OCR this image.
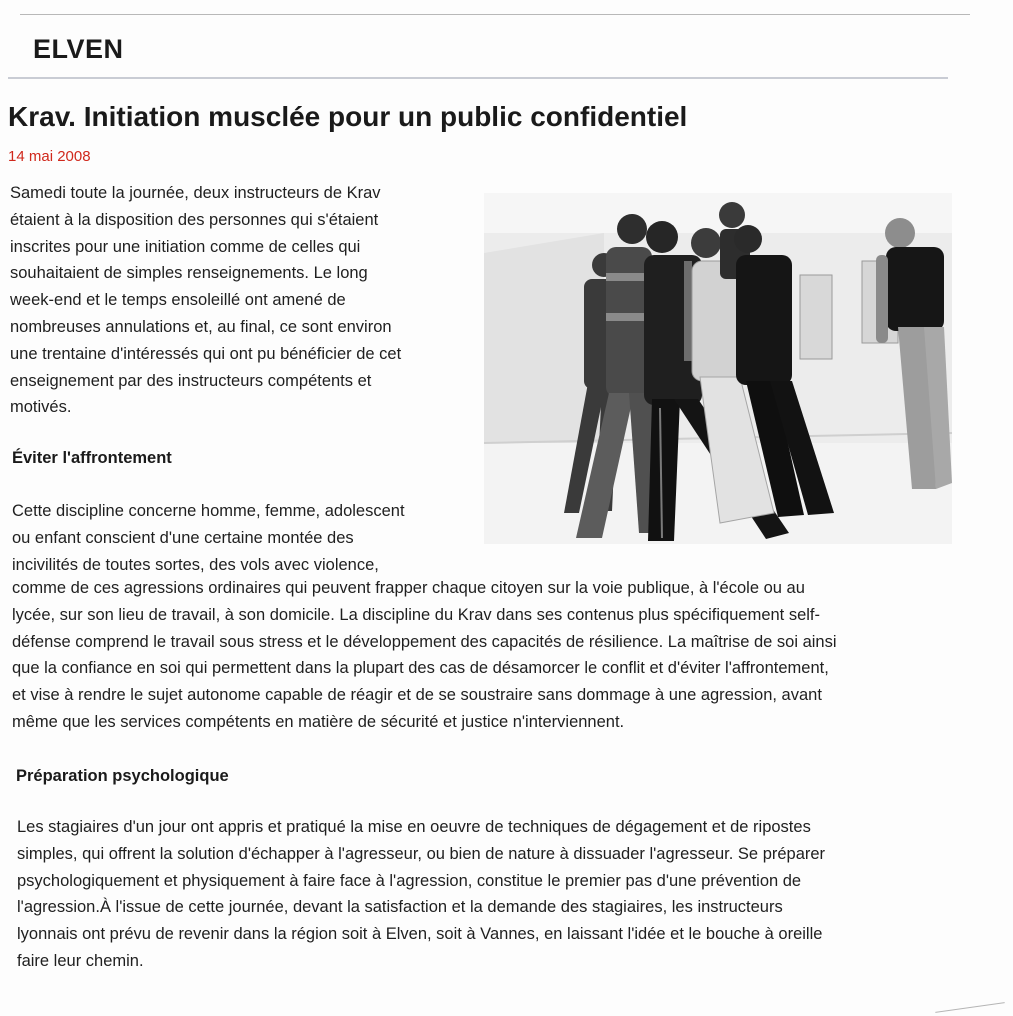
ELVEN
Krav. Initiation musclée pour un public confidentiel
14 mai 2008
Samedi toute la journée, deux instructeurs de Krav
étaient à la disposition des personnes qui s'étaient
inscrites pour une initiation comme de celles qui
souhaitaient de simples renseignements. Le long
week-end et le temps ensoleillé ont amené de
nombreuses annulations et, au final, ce sont environ
une trentaine d'intéressés qui ont pu bénéficier de cet
enseignement par des instructeurs compétents et
motivés.
Éviter l'affrontement
Cette discipline concerne homme, femme, adolescent
ou enfant conscient d'une certaine montée des
incivilités de toutes sortes, des vols avec violence,
comme de ces agressions ordinaires qui peuvent frapper chaque citoyen sur la voie publique, à l'école ou au
lycée, sur son lieu de travail, à son domicile. La discipline du Krav dans ses contenus plus spécifiquement self-
défense comprend le travail sous stress et le développement des capacités de résilience. La maîtrise de soi ainsi
que la confiance en soi qui permettent dans la plupart des cas de désamorcer le conflit et d'éviter l'affrontement,
et vise à rendre le sujet autonome capable de réagir et de se soustraire sans dommage à une agression, avant
même que les services compétents en matière de sécurité et justice n'interviennent.
Préparation psychologique
Les stagiaires d'un jour ont appris et pratiqué la mise en oeuvre de techniques de dégagement et de ripostes
simples, qui offrent la solution d'échapper à l'agresseur, ou bien de nature à dissuader l'agresseur. Se préparer
psychologiquement et physiquement à faire face à l'agression, constitue le premier pas d'une prévention de
l'agression.À l'issue de cette journée, devant la satisfaction et la demande des stagiaires, les instructeurs
lyonnais ont prévu de revenir dans la région soit à Elven, soit à Vannes, en laissant l'idée et le bouche à oreille
faire leur chemin.
